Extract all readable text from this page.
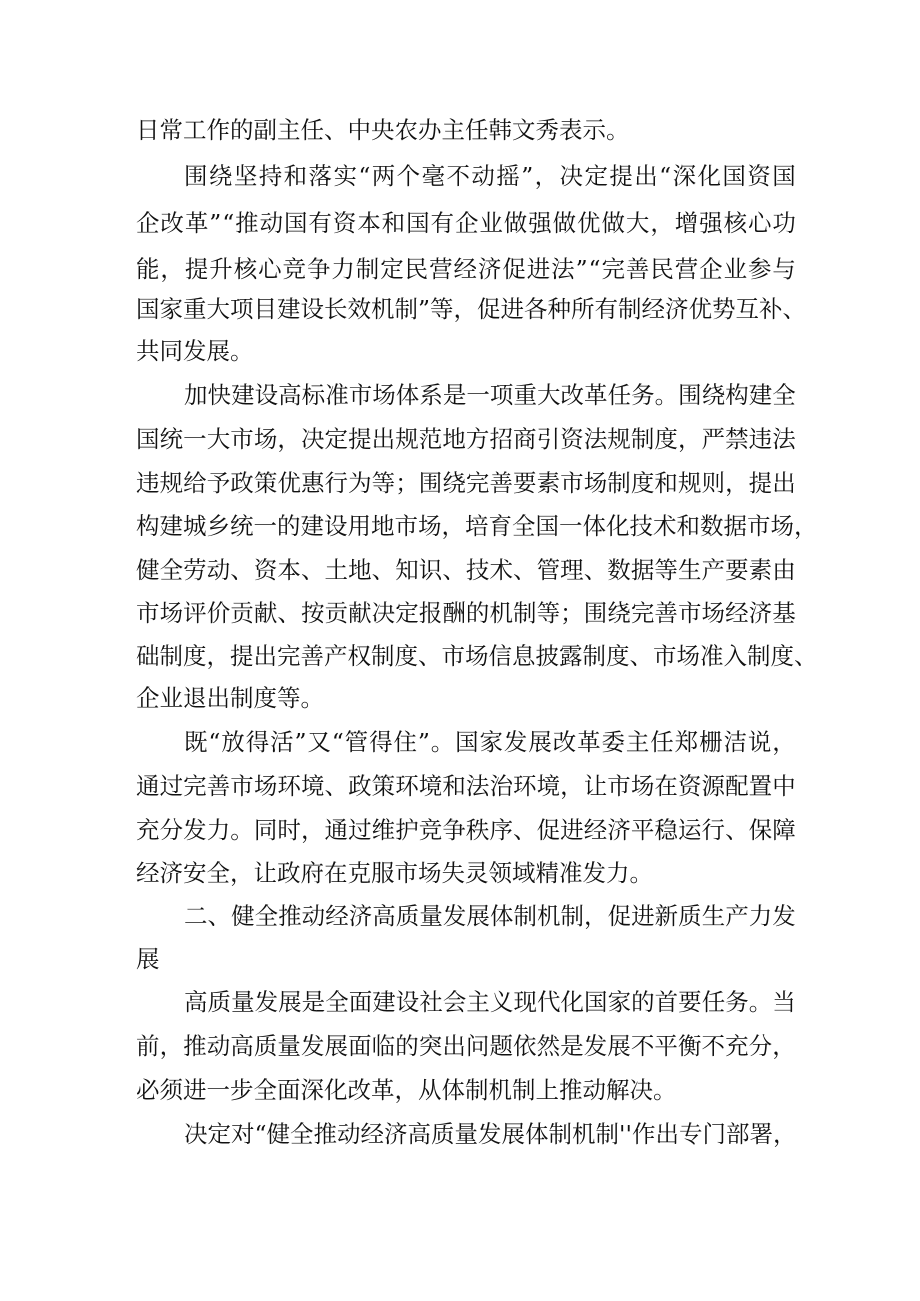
日常工作的副主任、中央农办主任韩文秀表示。
围 绕 坚 持 和 落 实 “ 两 个 毫 不 动 摇 ” ， 决 定 提 出 “ 深 化 国 资 国
企 改 革 ” “ 推 动 国 有 资 本 和 国 有 企 业 做 强 做 优 做 大 ， 增 强 核 心 功
能 ， 提 升 核 心 竞 争 力 制 定 民 营 经 济 促 进 法 ” “ 完 善 民 营 企 业 参 与
国 家 重 大 项 目 建 设 长 效 机 制 ” 等 ， 促 进 各 种 所 有 制 经 济 优 势 互 补 、
共同发展。
加 快 建 设 高 标 准 市 场 体 系 是 一 项 重 大 改 革 任 务 。 围 绕 构 建 全
国 统 一 大 市 场 ， 决 定 提 出 规 范 地 方 招 商 引 资 法 规 制 度 ， 严 禁 违 法
违 规 给 予 政 策 优 惠 行 为 等 ； 围 绕 完 善 要 素 市 场 制 度 和 规 则 ， 提 出
构 建 城 乡 统 一 的 建 设 用 地 市 场 ， 培 育 全 国 一 体 化 技 术 和 数 据 市 场 ，
健 全 劳 动 、 资 本 、 土 地 、 知 识 、 技 术 、 管 理 、 数 据 等 生 产 要 素 由
市 场 评 价 贡 献 、 按 贡 献 决 定 报 酬 的 机 制 等 ； 围 绕 完 善 市 场 经 济 基
础 制 度 ， 提 出 完 善 产 权 制 度 、 市 场 信 息 披 露 制 度 、 市 场 准 入 制 度 、
企业退出制度等。
既 “ 放 得 活 ” 又 “ 管 得 住 ” 。 国 家 发 展 改 革 委 主 任 郑 栅 洁 说 ，
通 过 完 善 市 场 环 境 、 政 策 环 境 和 法 治 环 境 ， 让 市 场 在 资 源 配 置 中
充 分 发 力 。 同 时 ， 通 过 维 护 竞 争 秩 序 、 促 进 经 济 平 稳 运 行 、 保 障
经济安全，让政府在克服市场失灵领域精准发力。
二 、 健 全 推 动 经 济 高 质 量 发 展 体 制 机 制 ， 促 进 新 质 生 产 力 发
展
高 质 量 发 展 是 全 面 建 设 社 会 主 义 现 代 化 国 家 的 首 要 任 务 。 当
前 ， 推 动 高 质 量 发 展 面 临 的 突 出 问 题 依 然 是 发 展 不 平 衡 不 充 分 ，
必须进一步全面深化改革，从体制机制上推动解决。
决 定 对 “ 健 全 推 动 经 济 高 质 量 发 展 体 制 机 制 ' ' 作 出 专 门 部 署 ，
